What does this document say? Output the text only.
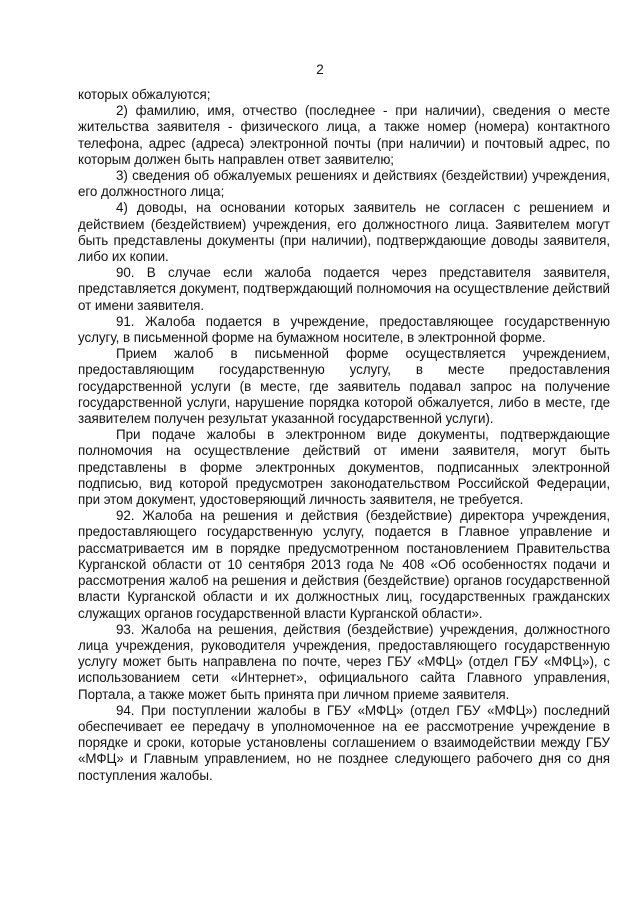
2

которых обжалуются;

2) фамилию, имя, отчество (последнее - при наличии), сведения о месте жительства заявителя - физического лица, а также номер (номера) контактного телефона, адрес (адреса) электронной почты (при наличии) и почтовый адрес, по которым должен быть направлен ответ заявителю;

3) сведения об обжалуемых решениях и действиях (бездействии) учреждения, его должностного лица;

4) доводы, на основании которых заявитель не согласен с решением и действием (бездействием) учреждения, его должностного лица. Заявителем могут быть представлены документы (при наличии), подтверждающие доводы заявителя, либо их копии.

90. В случае если жалоба подается через представителя заявителя, представляется документ, подтверждающий полномочия на осуществление действий от имени заявителя.

91. Жалоба подается в учреждение, предоставляющее государственную услугу, в письменной форме на бумажном носителе, в электронной форме.

Прием жалоб в письменной форме осуществляется учреждением, предоставляющим государственную услугу, в месте предоставления государственной услуги (в месте, где заявитель подавал запрос на получение государственной услуги, нарушение порядка которой обжалуется, либо в месте, где заявителем получен результат указанной государственной услуги).

При подаче жалобы в электронном виде документы, подтверждающие полномочия на осуществление действий от имени заявителя, могут быть представлены в форме электронных документов, подписанных электронной подписью, вид которой предусмотрен законодательством Российской Федерации, при этом документ, удостоверяющий личность заявителя, не требуется.

92. Жалоба на решения и действия (бездействие) директора учреждения, предоставляющего государственную услугу, подается в Главное управление и рассматривается им в порядке предусмотренном постановлением Правительства Курганской области от 10 сентября 2013 года № 408 «Об особенностях подачи и рассмотрения жалоб на решения и действия (бездействие) органов государственной власти Курганской области и их должностных лиц, государственных гражданских служащих органов государственной власти Курганской области».

93. Жалоба на решения, действия (бездействие) учреждения, должностного лица учреждения, руководителя учреждения, предоставляющего государственную услугу может быть направлена по почте, через ГБУ «МФЦ» (отдел ГБУ «МФЦ»), с использованием сети «Интернет», официального сайта Главного управления, Портала, а также может быть принята при личном приеме заявителя.

94. При поступлении жалобы в ГБУ «МФЦ» (отдел ГБУ «МФЦ») последний обеспечивает ее передачу в уполномоченное на ее рассмотрение учреждение в порядке и сроки, которые установлены соглашением о взаимодействии между ГБУ «МФЦ» и Главным управлением, но не позднее следующего рабочего дня со дня поступления жалобы.
